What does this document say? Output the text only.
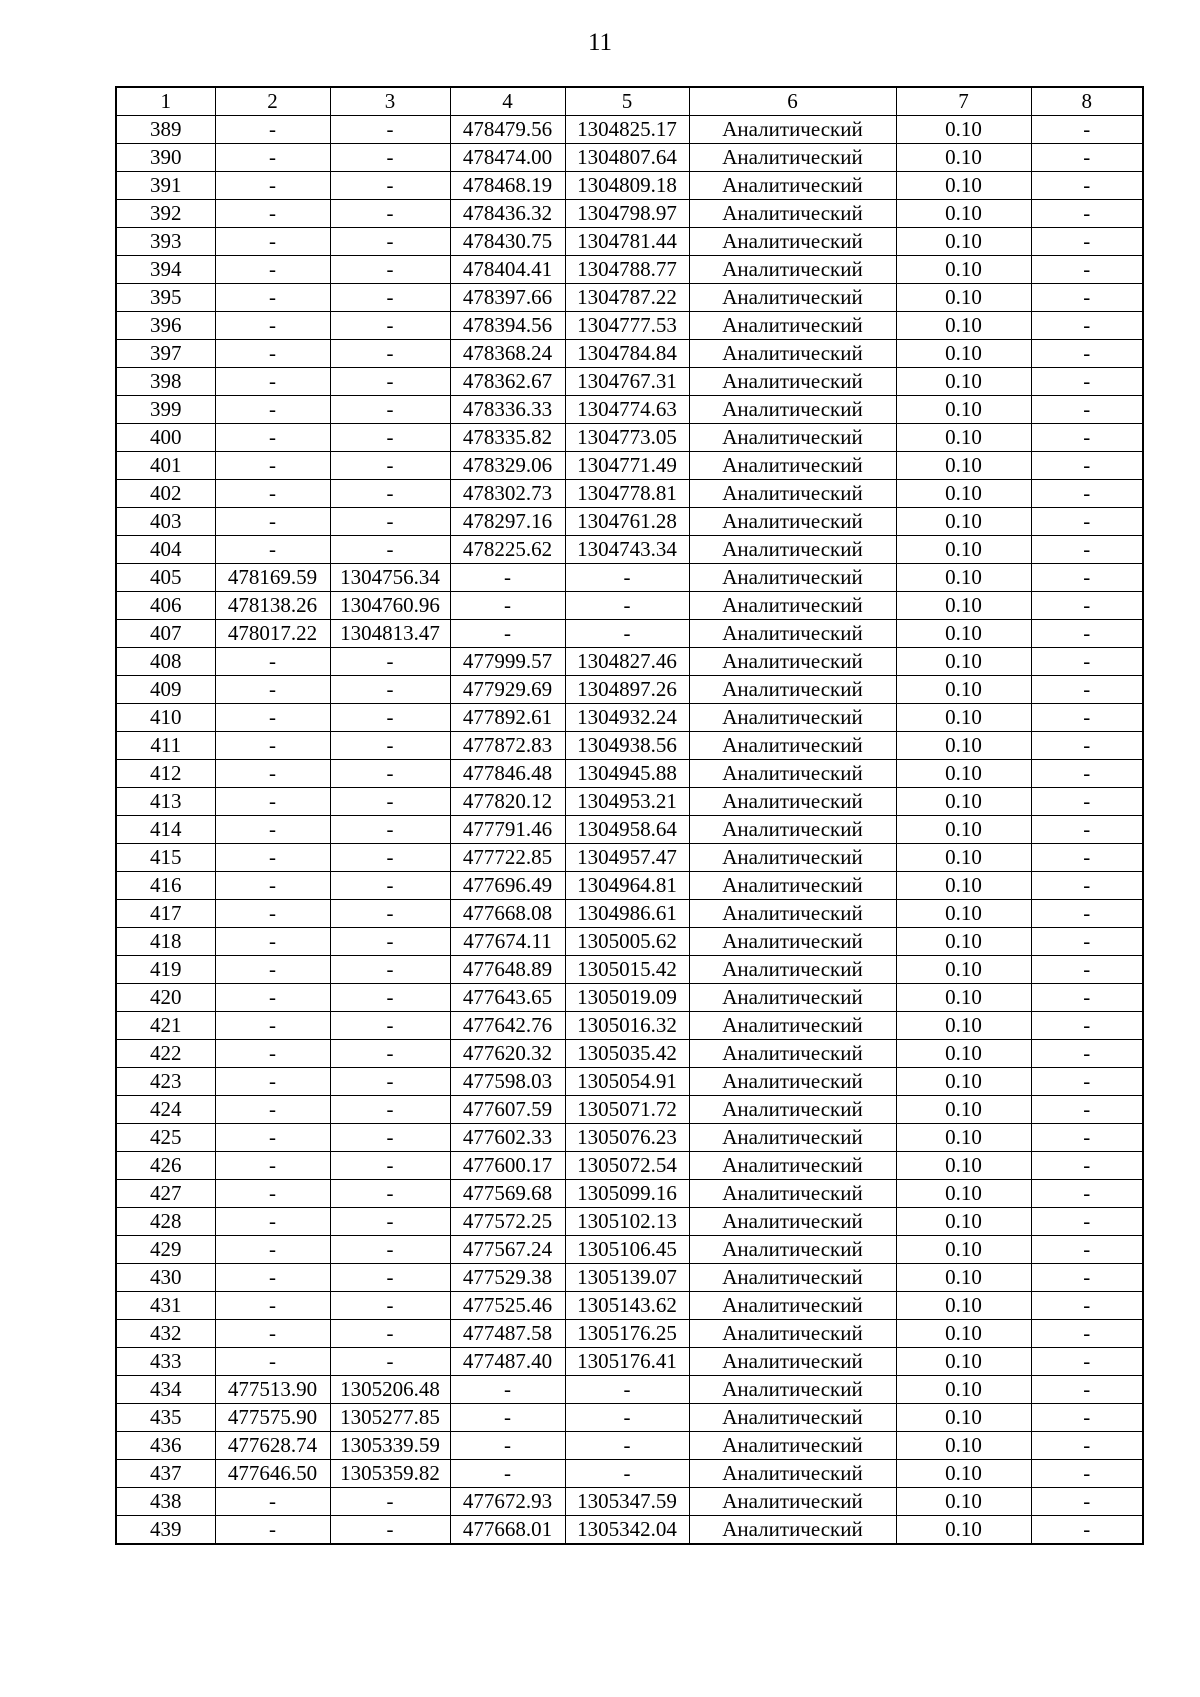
11
1	2	3	4	5	6	7	8
389	-	-	478479.56	1304825.17	Аналитический	0.10	-
390	-	-	478474.00	1304807.64	Аналитический	0.10	-
391	-	-	478468.19	1304809.18	Аналитический	0.10	-
392	-	-	478436.32	1304798.97	Аналитический	0.10	-
393	-	-	478430.75	1304781.44	Аналитический	0.10	-
394	-	-	478404.41	1304788.77	Аналитический	0.10	-
395	-	-	478397.66	1304787.22	Аналитический	0.10	-
396	-	-	478394.56	1304777.53	Аналитический	0.10	-
397	-	-	478368.24	1304784.84	Аналитический	0.10	-
398	-	-	478362.67	1304767.31	Аналитический	0.10	-
399	-	-	478336.33	1304774.63	Аналитический	0.10	-
400	-	-	478335.82	1304773.05	Аналитический	0.10	-
401	-	-	478329.06	1304771.49	Аналитический	0.10	-
402	-	-	478302.73	1304778.81	Аналитический	0.10	-
403	-	-	478297.16	1304761.28	Аналитический	0.10	-
404	-	-	478225.62	1304743.34	Аналитический	0.10	-
405	478169.59	1304756.34	-	-	Аналитический	0.10	-
406	478138.26	1304760.96	-	-	Аналитический	0.10	-
407	478017.22	1304813.47	-	-	Аналитический	0.10	-
408	-	-	477999.57	1304827.46	Аналитический	0.10	-
409	-	-	477929.69	1304897.26	Аналитический	0.10	-
410	-	-	477892.61	1304932.24	Аналитический	0.10	-
411	-	-	477872.83	1304938.56	Аналитический	0.10	-
412	-	-	477846.48	1304945.88	Аналитический	0.10	-
413	-	-	477820.12	1304953.21	Аналитический	0.10	-
414	-	-	477791.46	1304958.64	Аналитический	0.10	-
415	-	-	477722.85	1304957.47	Аналитический	0.10	-
416	-	-	477696.49	1304964.81	Аналитический	0.10	-
417	-	-	477668.08	1304986.61	Аналитический	0.10	-
418	-	-	477674.11	1305005.62	Аналитический	0.10	-
419	-	-	477648.89	1305015.42	Аналитический	0.10	-
420	-	-	477643.65	1305019.09	Аналитический	0.10	-
421	-	-	477642.76	1305016.32	Аналитический	0.10	-
422	-	-	477620.32	1305035.42	Аналитический	0.10	-
423	-	-	477598.03	1305054.91	Аналитический	0.10	-
424	-	-	477607.59	1305071.72	Аналитический	0.10	-
425	-	-	477602.33	1305076.23	Аналитический	0.10	-
426	-	-	477600.17	1305072.54	Аналитический	0.10	-
427	-	-	477569.68	1305099.16	Аналитический	0.10	-
428	-	-	477572.25	1305102.13	Аналитический	0.10	-
429	-	-	477567.24	1305106.45	Аналитический	0.10	-
430	-	-	477529.38	1305139.07	Аналитический	0.10	-
431	-	-	477525.46	1305143.62	Аналитический	0.10	-
432	-	-	477487.58	1305176.25	Аналитический	0.10	-
433	-	-	477487.40	1305176.41	Аналитический	0.10	-
434	477513.90	1305206.48	-	-	Аналитический	0.10	-
435	477575.90	1305277.85	-	-	Аналитический	0.10	-
436	477628.74	1305339.59	-	-	Аналитический	0.10	-
437	477646.50	1305359.82	-	-	Аналитический	0.10	-
438	-	-	477672.93	1305347.59	Аналитический	0.10	-
439	-	-	477668.01	1305342.04	Аналитический	0.10	-
